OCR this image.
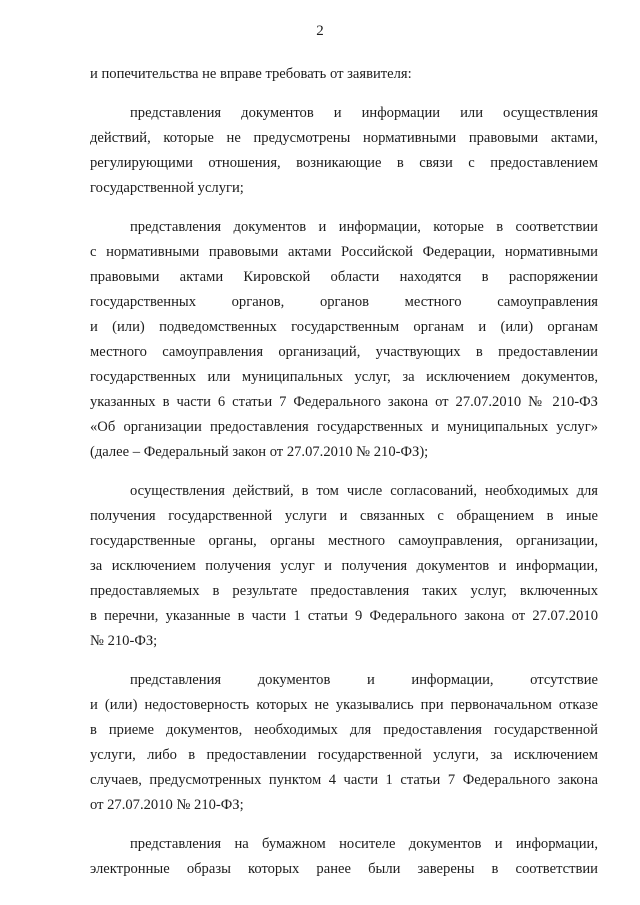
2
и попечительства не вправе требовать от заявителя:
представления документов и информации или осуществления
действий, которые не предусмотрены нормативными правовыми актами,
регулирующими отношения, возникающие в связи с предоставлением
государственной услуги;
представления документов и информации, которые в соответствии
с нормативными правовыми актами Российской Федерации, нормативными
правовыми актами Кировской области находятся в распоряжении
государственных органов, органов местного самоуправления
и (или) подведомственных государственным органам и (или) органам
местного самоуправления организаций, участвующих в предоставлении
государственных или муниципальных услуг, за исключением документов,
указанных в части 6 статьи 7 Федерального закона от 27.07.2010 № 210-ФЗ
«Об организации предоставления государственных и муниципальных услуг»
(далее – Федеральный закон от 27.07.2010 № 210-ФЗ);
осуществления действий, в том числе согласований, необходимых для
получения государственной услуги и связанных с обращением в иные
государственные органы, органы местного самоуправления, организации,
за исключением получения услуг и получения документов и информации,
предоставляемых в результате предоставления таких услуг, включенных
в перечни, указанные в части 1 статьи 9 Федерального закона от 27.07.2010
№ 210-ФЗ;
представления документов и информации, отсутствие
и (или) недостоверность которых не указывались при первоначальном отказе
в приеме документов, необходимых для предоставления государственной
услуги, либо в предоставлении государственной услуги, за исключением
случаев, предусмотренных пунктом 4 части 1 статьи 7 Федерального закона
от 27.07.2010 № 210-ФЗ;
представления на бумажном носителе документов и информации,
электронные образы которых ранее были заверены в соответствии
